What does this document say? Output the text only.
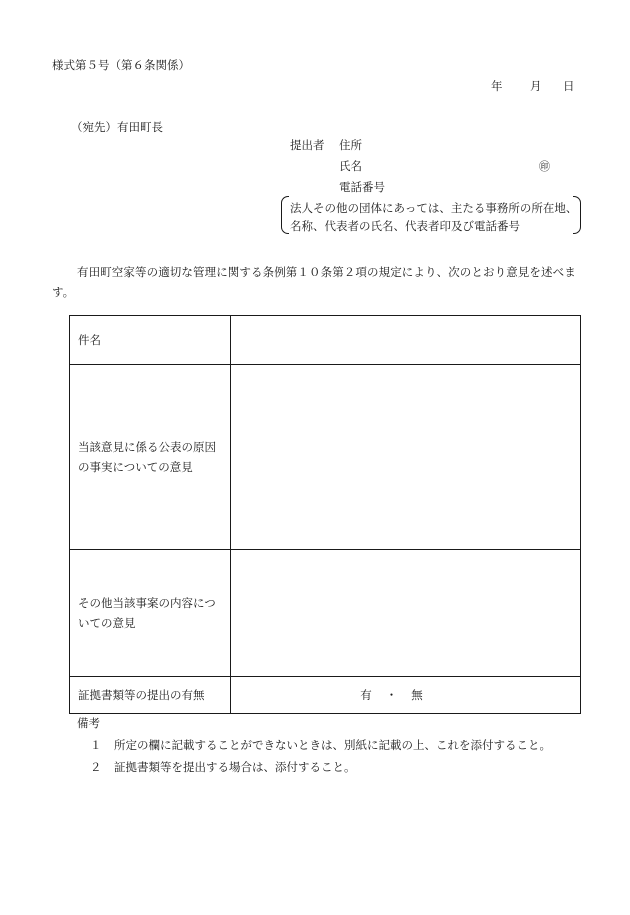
様式第５号（第６条関係）
年 月 日
（宛先）有田町長
提出者 住所
氏名	㊞
電話番号
法人その他の団体にあっては、主たる事務所の所在地、
名称、代表者の氏名、代表者印及び電話番号
有田町空家等の適切な管理に関する条例第１０条第２項の規定により、次のとおり意見を述べます。
件名	
当該意見に係る公表の原因の事実についての意見	
その他当該事案の内容についての意見	
証拠書類等の提出の有無	有 ・ 無
備考
１ 所定の欄に記載することができないときは、別紙に記載の上、これを添付すること。
２ 証拠書類等を提出する場合は、添付すること。
